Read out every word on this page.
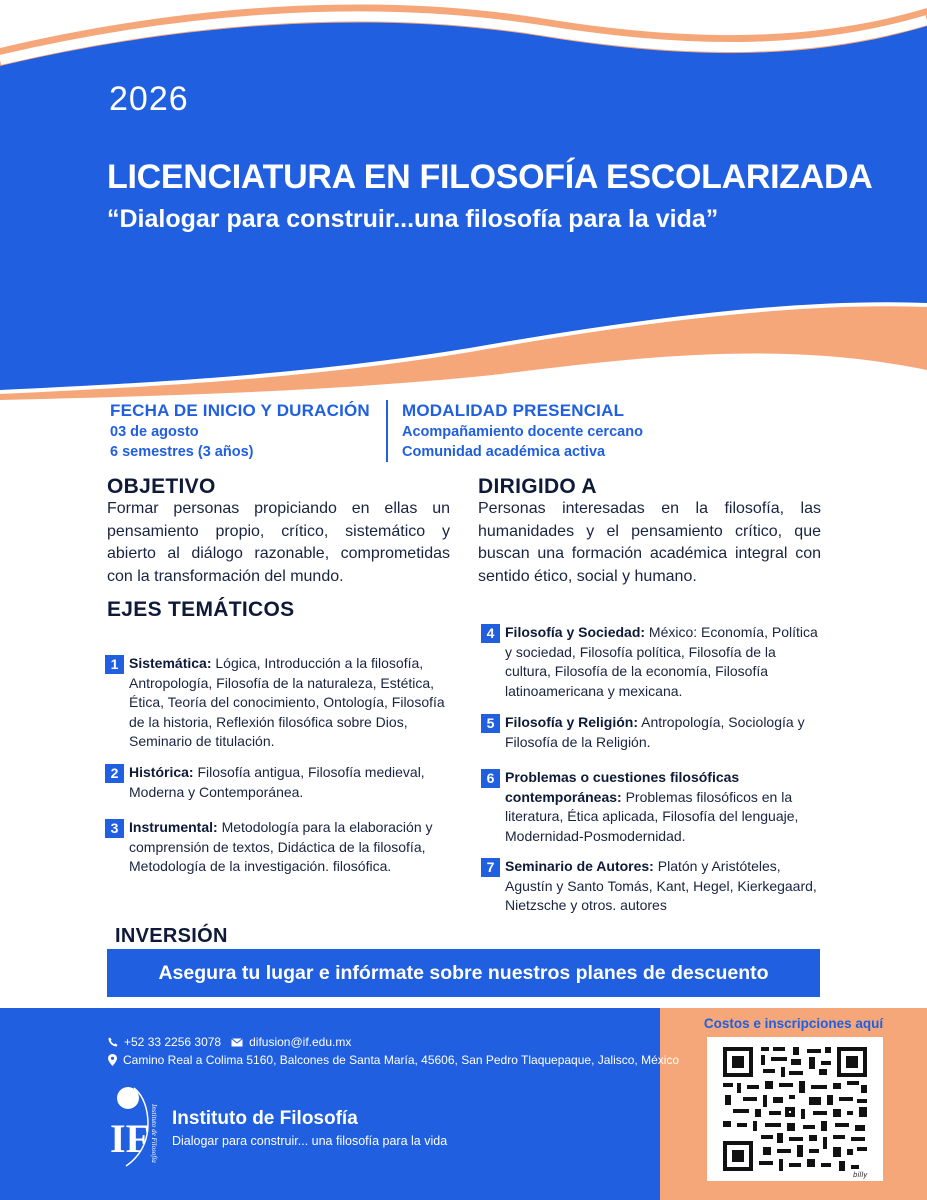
2026
LICENCIATURA EN FILOSOFÍA ESCOLARIZADA
“Dialogar para construir...una filosofía para la vida”
FECHA DE INICIO Y DURACIÓN
03 de agosto
6 semestres (3 años)
MODALIDAD PRESENCIAL
Acompañamiento docente cercano
Comunidad académica activa
OBJETIVO
Formar personas propiciando en ellas un pensamiento propio, crítico, sistemático y abierto al diálogo razonable, comprometidas con la transformación del mundo.
DIRIGIDO A
Personas interesadas en la filosofía, las humanidades y el pensamiento crítico, que buscan una formación académica integral con sentido ético, social y humano.
EJES TEMÁTICOS
1 Sistemática: Lógica, Introducción a la filosofía, Antropología, Filosofía de la naturaleza, Estética, Ética, Teoría del conocimiento, Ontología, Filosofía de la historia, Reflexión filosófica sobre Dios, Seminario de titulación.
2 Histórica: Filosofía antigua, Filosofía medieval, Moderna y Contemporánea.
3 Instrumental: Metodología para la elaboración y comprensión de textos, Didáctica de la filosofía, Metodología de la investigación. filosófica.
4 Filosofía y Sociedad: México: Economía, Política y sociedad, Filosofía política, Filosofía de la cultura, Filosofía de la economía, Filosofía latinoamericana y mexicana.
5 Filosofía y Religión: Antropología, Sociología y Filosofía de la Religión.
6 Problemas o cuestiones filosóficas contemporáneas: Problemas filosóficos en la literatura, Ética aplicada, Filosofía del lenguaje, Modernidad-Posmodernidad.
7 Seminario de Autores: Platón y Aristóteles, Agustín y Santo Tomás, Kant, Hegel, Kierkegaard, Nietzsche y otros. autores
INVERSIÓN
Asegura tu lugar e infórmate sobre nuestros planes de descuento
+52 33 2256 3078 difusion@if.edu.mx
Camino Real a Colima 5160, Balcones de Santa María, 45606, San Pedro Tlaquepaque, Jalisco, México
IF Instituto de Filosofía Instituto de Filosofía
Dialogar para construir... una filosofía para la vida
Costos e inscripciones aquí
billy
